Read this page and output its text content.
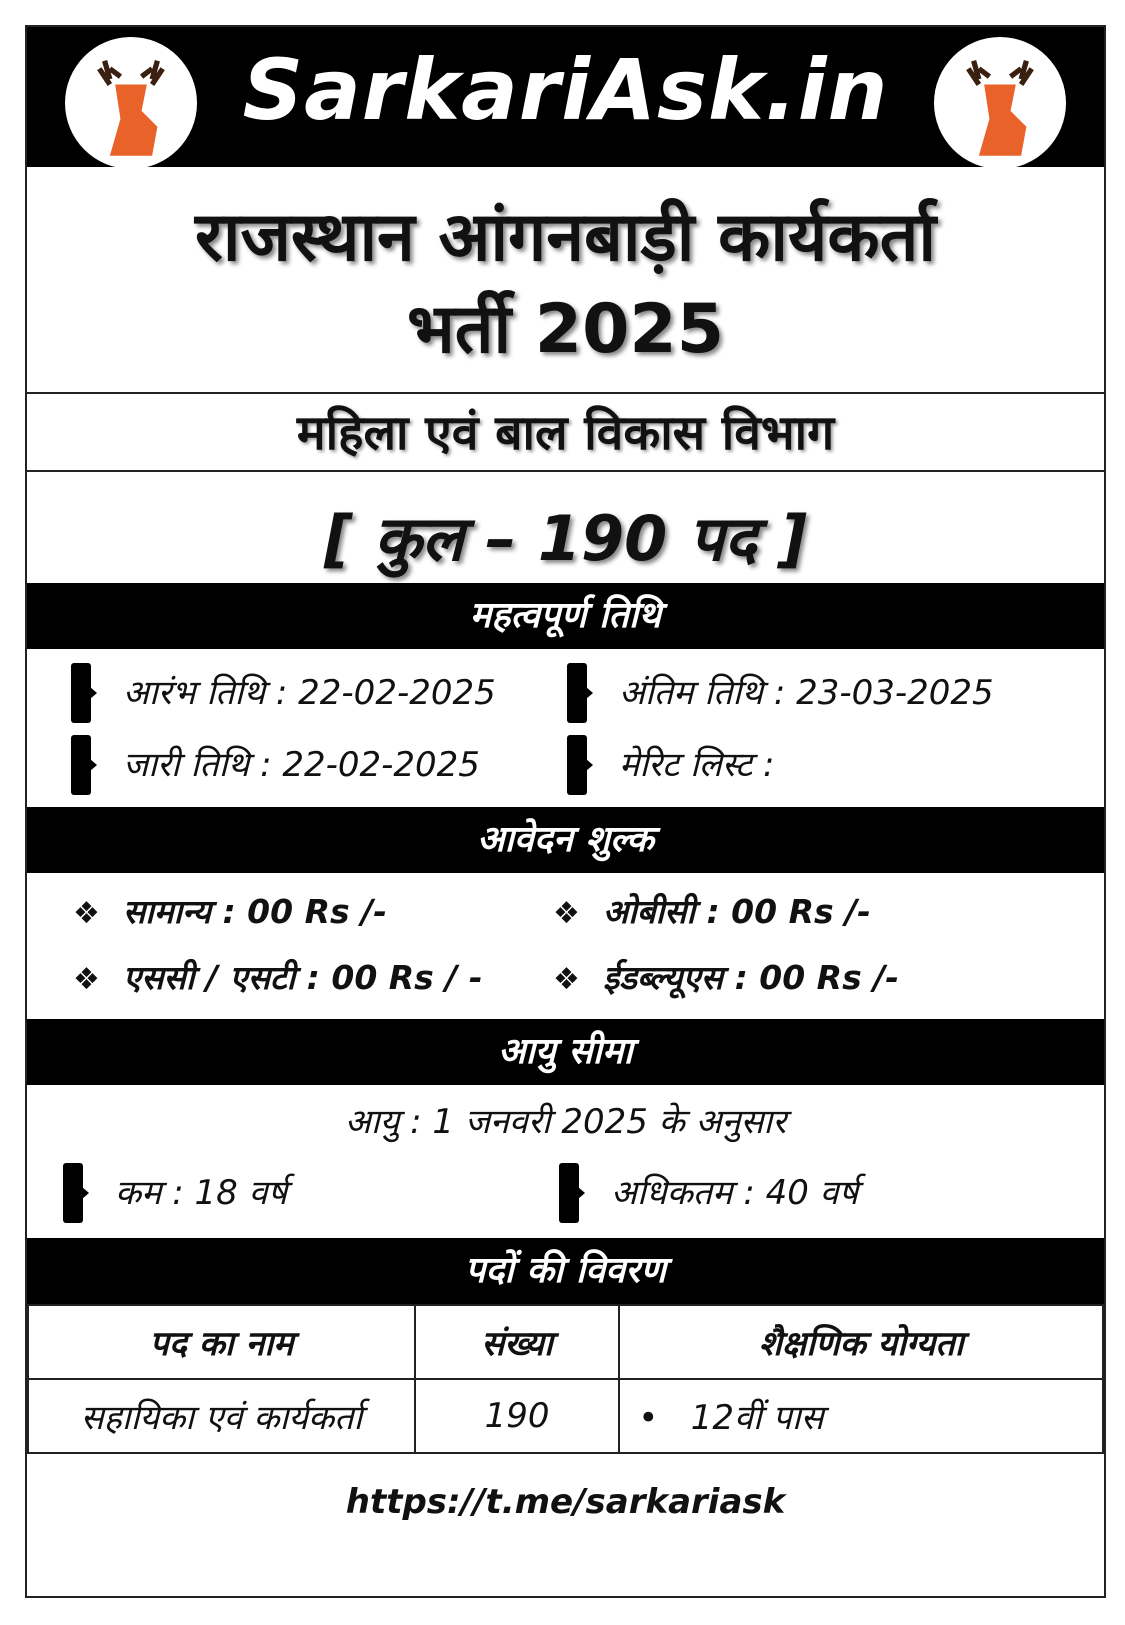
SarkariAsk.in
राजस्थान आंगनबाड़ी कार्यकर्ता
भर्ती 2025
महिला एवं बाल विकास विभाग
[ कुल – 190 पद ]
महत्वपूर्ण तिथि
आरंभ तिथि : 22-02-2025	अंतिम तिथि : 23-03-2025
जारी तिथि : 22-02-2025	मेरिट लिस्ट :
आवेदन शुल्क
❖ सामान्य : 00 Rs /-	❖ ओबीसी : 00 Rs /-
❖ एससी / एसटी : 00 Rs / - ❖ ईडब्ल्यूएस : 00 Rs /-
आयु सीमा
आयु : 1 जनवरी 2025 के अनुसार
कम : 18 वर्ष	अधिकतम : 40 वर्ष
पदों की विवरण
पद का नाम	संख्या	शैक्षणिक योग्यता
सहायिका एवं कार्यकर्ता	190	•   12वीं पास
https://t.me/sarkariask
